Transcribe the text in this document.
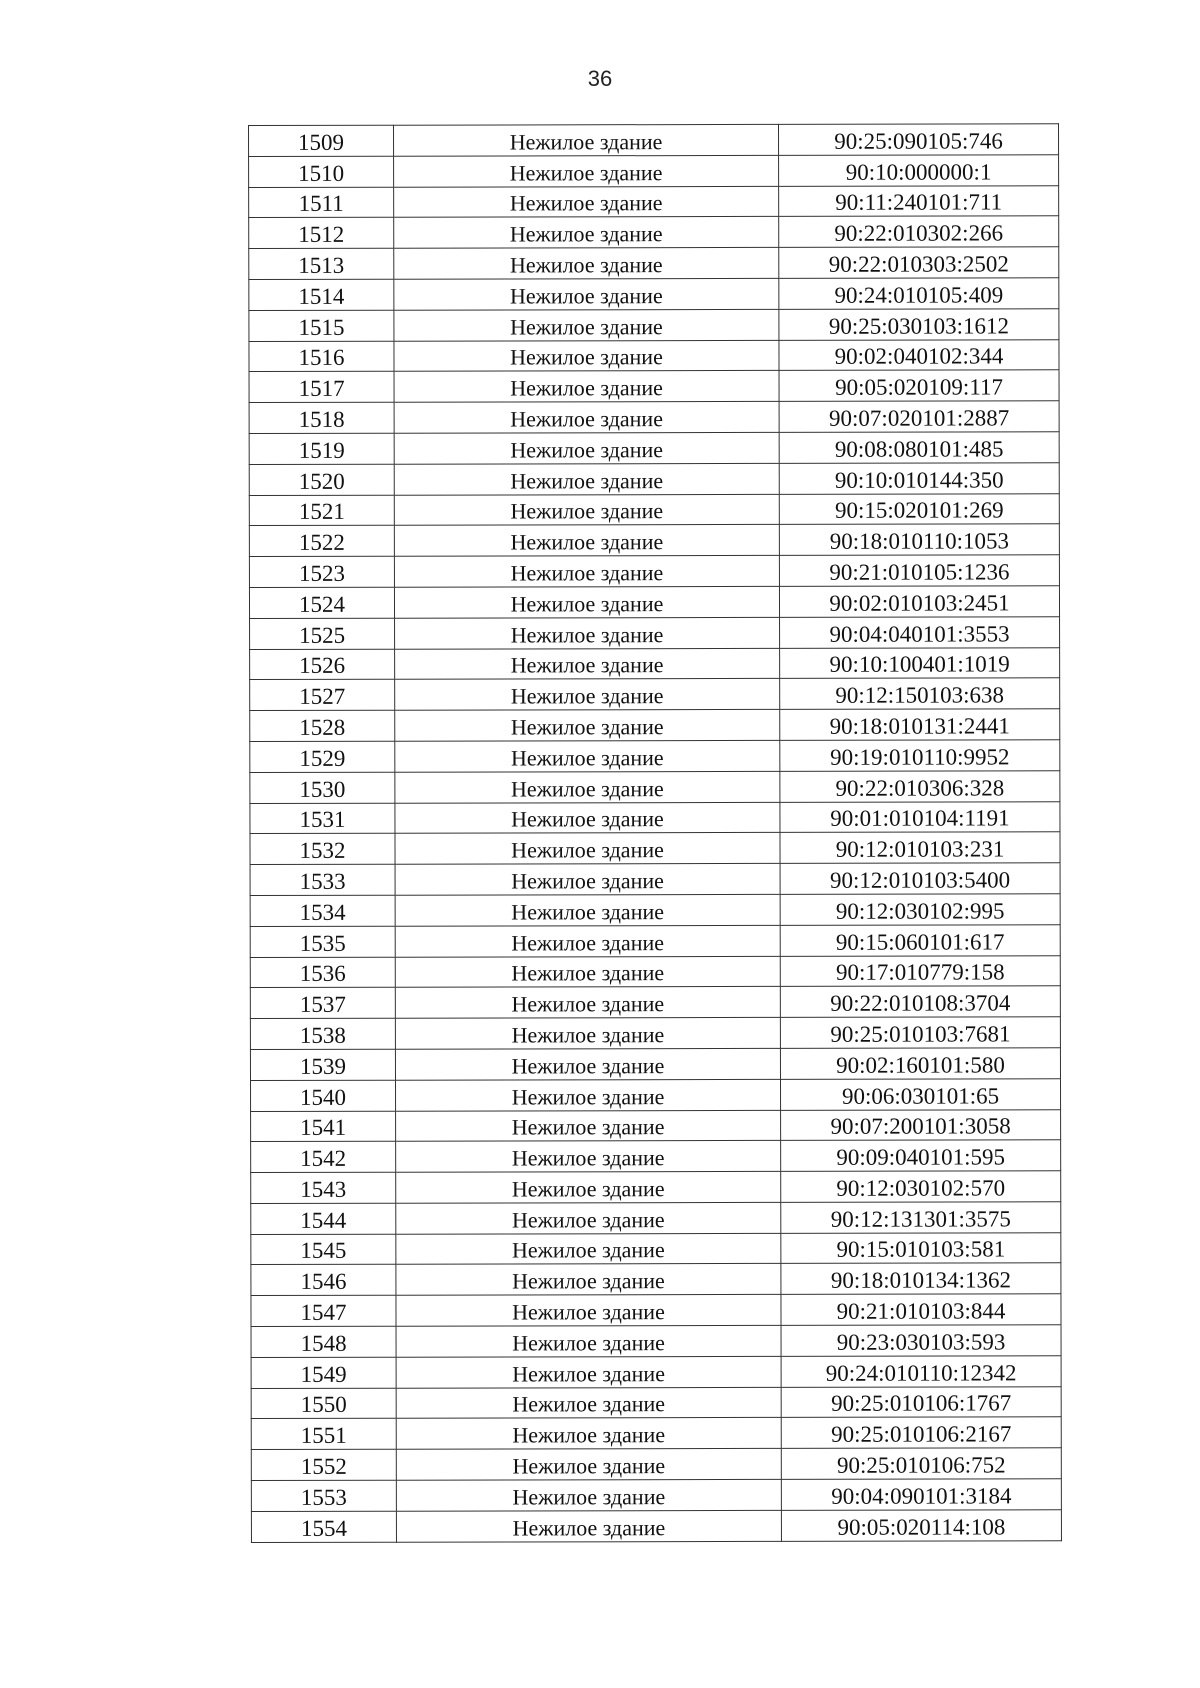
36
1509	Нежилое здание	90:25:090105:746
1510	Нежилое здание	90:10:000000:1
1511	Нежилое здание	90:11:240101:711
1512	Нежилое здание	90:22:010302:266
1513	Нежилое здание	90:22:010303:2502
1514	Нежилое здание	90:24:010105:409
1515	Нежилое здание	90:25:030103:1612
1516	Нежилое здание	90:02:040102:344
1517	Нежилое здание	90:05:020109:117
1518	Нежилое здание	90:07:020101:2887
1519	Нежилое здание	90:08:080101:485
1520	Нежилое здание	90:10:010144:350
1521	Нежилое здание	90:15:020101:269
1522	Нежилое здание	90:18:010110:1053
1523	Нежилое здание	90:21:010105:1236
1524	Нежилое здание	90:02:010103:2451
1525	Нежилое здание	90:04:040101:3553
1526	Нежилое здание	90:10:100401:1019
1527	Нежилое здание	90:12:150103:638
1528	Нежилое здание	90:18:010131:2441
1529	Нежилое здание	90:19:010110:9952
1530	Нежилое здание	90:22:010306:328
1531	Нежилое здание	90:01:010104:1191
1532	Нежилое здание	90:12:010103:231
1533	Нежилое здание	90:12:010103:5400
1534	Нежилое здание	90:12:030102:995
1535	Нежилое здание	90:15:060101:617
1536	Нежилое здание	90:17:010779:158
1537	Нежилое здание	90:22:010108:3704
1538	Нежилое здание	90:25:010103:7681
1539	Нежилое здание	90:02:160101:580
1540	Нежилое здание	90:06:030101:65
1541	Нежилое здание	90:07:200101:3058
1542	Нежилое здание	90:09:040101:595
1543	Нежилое здание	90:12:030102:570
1544	Нежилое здание	90:12:131301:3575
1545	Нежилое здание	90:15:010103:581
1546	Нежилое здание	90:18:010134:1362
1547	Нежилое здание	90:21:010103:844
1548	Нежилое здание	90:23:030103:593
1549	Нежилое здание	90:24:010110:12342
1550	Нежилое здание	90:25:010106:1767
1551	Нежилое здание	90:25:010106:2167
1552	Нежилое здание	90:25:010106:752
1553	Нежилое здание	90:04:090101:3184
1554	Нежилое здание	90:05:020114:108
